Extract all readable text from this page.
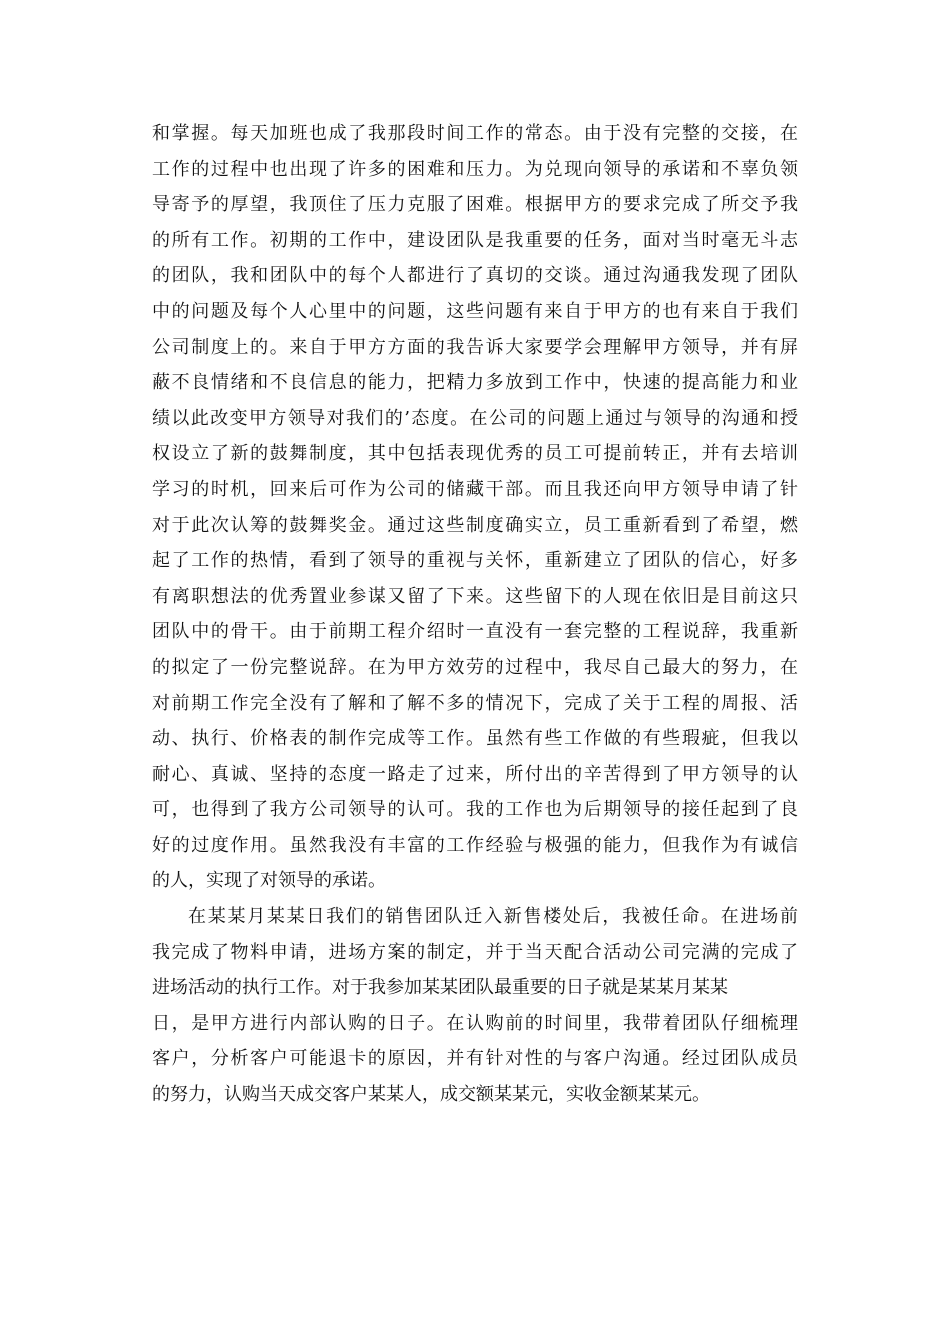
和掌握。每天加班也成了我那段时间工作的常态。由于没有完整的交接，在
工作的过程中也出现了许多的困难和压力。为兑现向领导的承诺和不辜负领
导寄予的厚望，我顶住了压力克服了困难。根据甲方的要求完成了所交予我
的所有工作。初期的工作中，建设团队是我重要的任务，面对当时毫无斗志
的团队，我和团队中的每个人都进行了真切的交谈。通过沟通我发现了团队
中的问题及每个人心里中的问题，这些问题有来自于甲方的也有来自于我们
公司制度上的。来自于甲方方面的我告诉大家要学会理解甲方领导，并有屏
蔽不良情绪和不良信息的能力，把精力多放到工作中，快速的提高能力和业
绩以此改变甲方领导对我们的’态度。在公司的问题上通过与领导的沟通和授
权设立了新的鼓舞制度，其中包括表现优秀的员工可提前转正，并有去培训
学习的时机，回来后可作为公司的储藏干部。而且我还向甲方领导申请了针
对于此次认筹的鼓舞奖金。通过这些制度确实立，员工重新看到了希望，燃
起了工作的热情，看到了领导的重视与关怀，重新建立了团队的信心，好多
有离职想法的优秀置业参谋又留了下来。这些留下的人现在依旧是目前这只
团队中的骨干。由于前期工程介绍时一直没有一套完整的工程说辞，我重新
的拟定了一份完整说辞。在为甲方效劳的过程中，我尽自己最大的努力，在
对前期工作完全没有了解和了解不多的情况下，完成了关于工程的周报、活
动、执行、价格表的制作完成等工作。虽然有些工作做的有些瑕疵，但我以
耐心、真诚、坚持的态度一路走了过来，所付出的辛苦得到了甲方领导的认
可，也得到了我方公司领导的认可。我的工作也为后期领导的接任起到了良
好的过度作用。虽然我没有丰富的工作经验与极强的能力，但我作为有诚信
的人，实现了对领导的承诺。
在某某月某某日我们的销售团队迁入新售楼处后，我被任命。在进场前
我完成了物料申请，进场方案的制定，并于当天配合活动公司完满的完成了
进场活动的执行工作。对于我参加某某团队最重要的日子就是某某月某某
日，是甲方进行内部认购的日子。在认购前的时间里，我带着团队仔细梳理
客户，分析客户可能退卡的原因，并有针对性的与客户沟通。经过团队成员
的努力，认购当天成交客户某某人，成交额某某元，实收金额某某元。
